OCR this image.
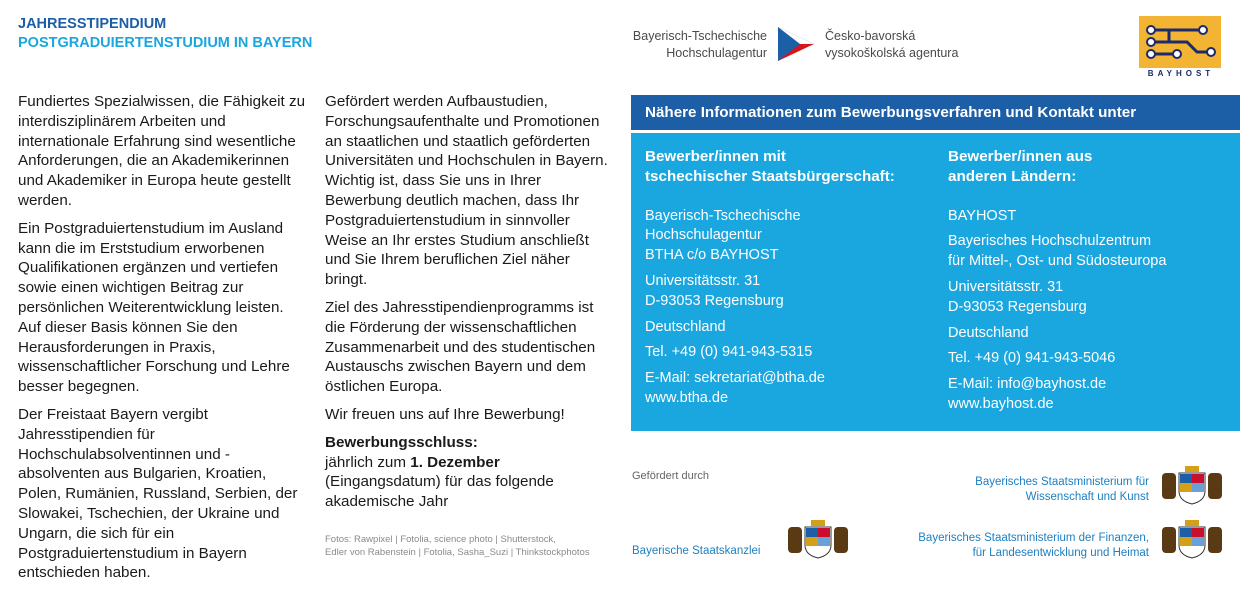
JAHRESSTIPENDIUM
POSTGRADUIERTENSTUDIUM IN BAYERN

Fundiertes Spezialwissen, die Fähigkeit zu interdisziplinärem Arbeiten und internationale Erfahrung sind wesentliche Anforderungen, die an Akademikerinnen und Akademiker in Europa heute gestellt werden.

Ein Postgraduiertenstudium im Ausland kann die im Erststudium erworbenen Qualifikationen ergänzen und vertiefen sowie einen wichtigen Beitrag zur persönlichen Weiterentwicklung leisten. Auf dieser Basis können Sie den Herausforderungen in Praxis, wissenschaftlicher Forschung und Lehre besser begegnen.

Der Freistaat Bayern vergibt Jahresstipendien für Hochschulabsolventinnen und -absolventen aus Bulgarien, Kroatien, Polen, Rumänien, Russland, Serbien, der Slowakei, Tschechien, der Ukraine und Ungarn, die sich für ein Postgraduiertenstudium in Bayern entschieden haben.

Gefördert werden Aufbaustudien, Forschungsaufenthalte und Promotionen an staatlichen und staatlich geförderten Universitäten und Hochschulen in Bayern. Wichtig ist, dass Sie uns in Ihrer Bewerbung deutlich machen, dass Ihr Postgraduiertenstudium in sinnvoller Weise an Ihr erstes Studium anschließt und Sie Ihrem beruflichen Ziel näher bringt.

Ziel des Jahresstipendienprogramms ist die Förderung der wissenschaftlichen Zusammenarbeit und des studentischen Austauschs zwischen Bayern und dem östlichen Europa.

Wir freuen uns auf Ihre Bewerbung!

Bewerbungsschluss:
jährlich zum 1. Dezember
(Eingangsdatum) für das folgende akademische Jahr
Fotos: Rawpixel | Fotolia, science photo | Shutterstock,
Edler von Rabenstein | Fotolia, Sasha_Suzi | Thinkstockphotos
Bayerisch-Tschechische
Hochschulagentur
Česko-bavorská
vysokoškolská agentura
BAYHOST
Nähere Informationen zum Bewerbungsverfahren und Kontakt unter
Bewerber/innen mit
tschechischer Staatsbürgerschaft:
Bayerisch-Tschechische
Hochschulagentur
BTHA c/o BAYHOST
Universitätsstr. 31
D-93053 Regensburg
Deutschland
Tel. +49 (0) 941-943-5315
E-Mail: sekretariat@btha.de
www.btha.de
Bewerber/innen aus
anderen Ländern:
BAYHOST
Bayerisches Hochschulzentrum
für Mittel-, Ost- und Südosteuropa
Universitätsstr. 31
D-93053 Regensburg
Deutschland
Tel. +49 (0) 941-943-5046
E-Mail: info@bayhost.de
www.bayhost.de
Gefördert durch
Bayerische Staatskanzlei
Bayerisches Staatsministerium für
Wissenschaft und Kunst
Bayerisches Staatsministerium der Finanzen,
für Landesentwicklung und Heimat
